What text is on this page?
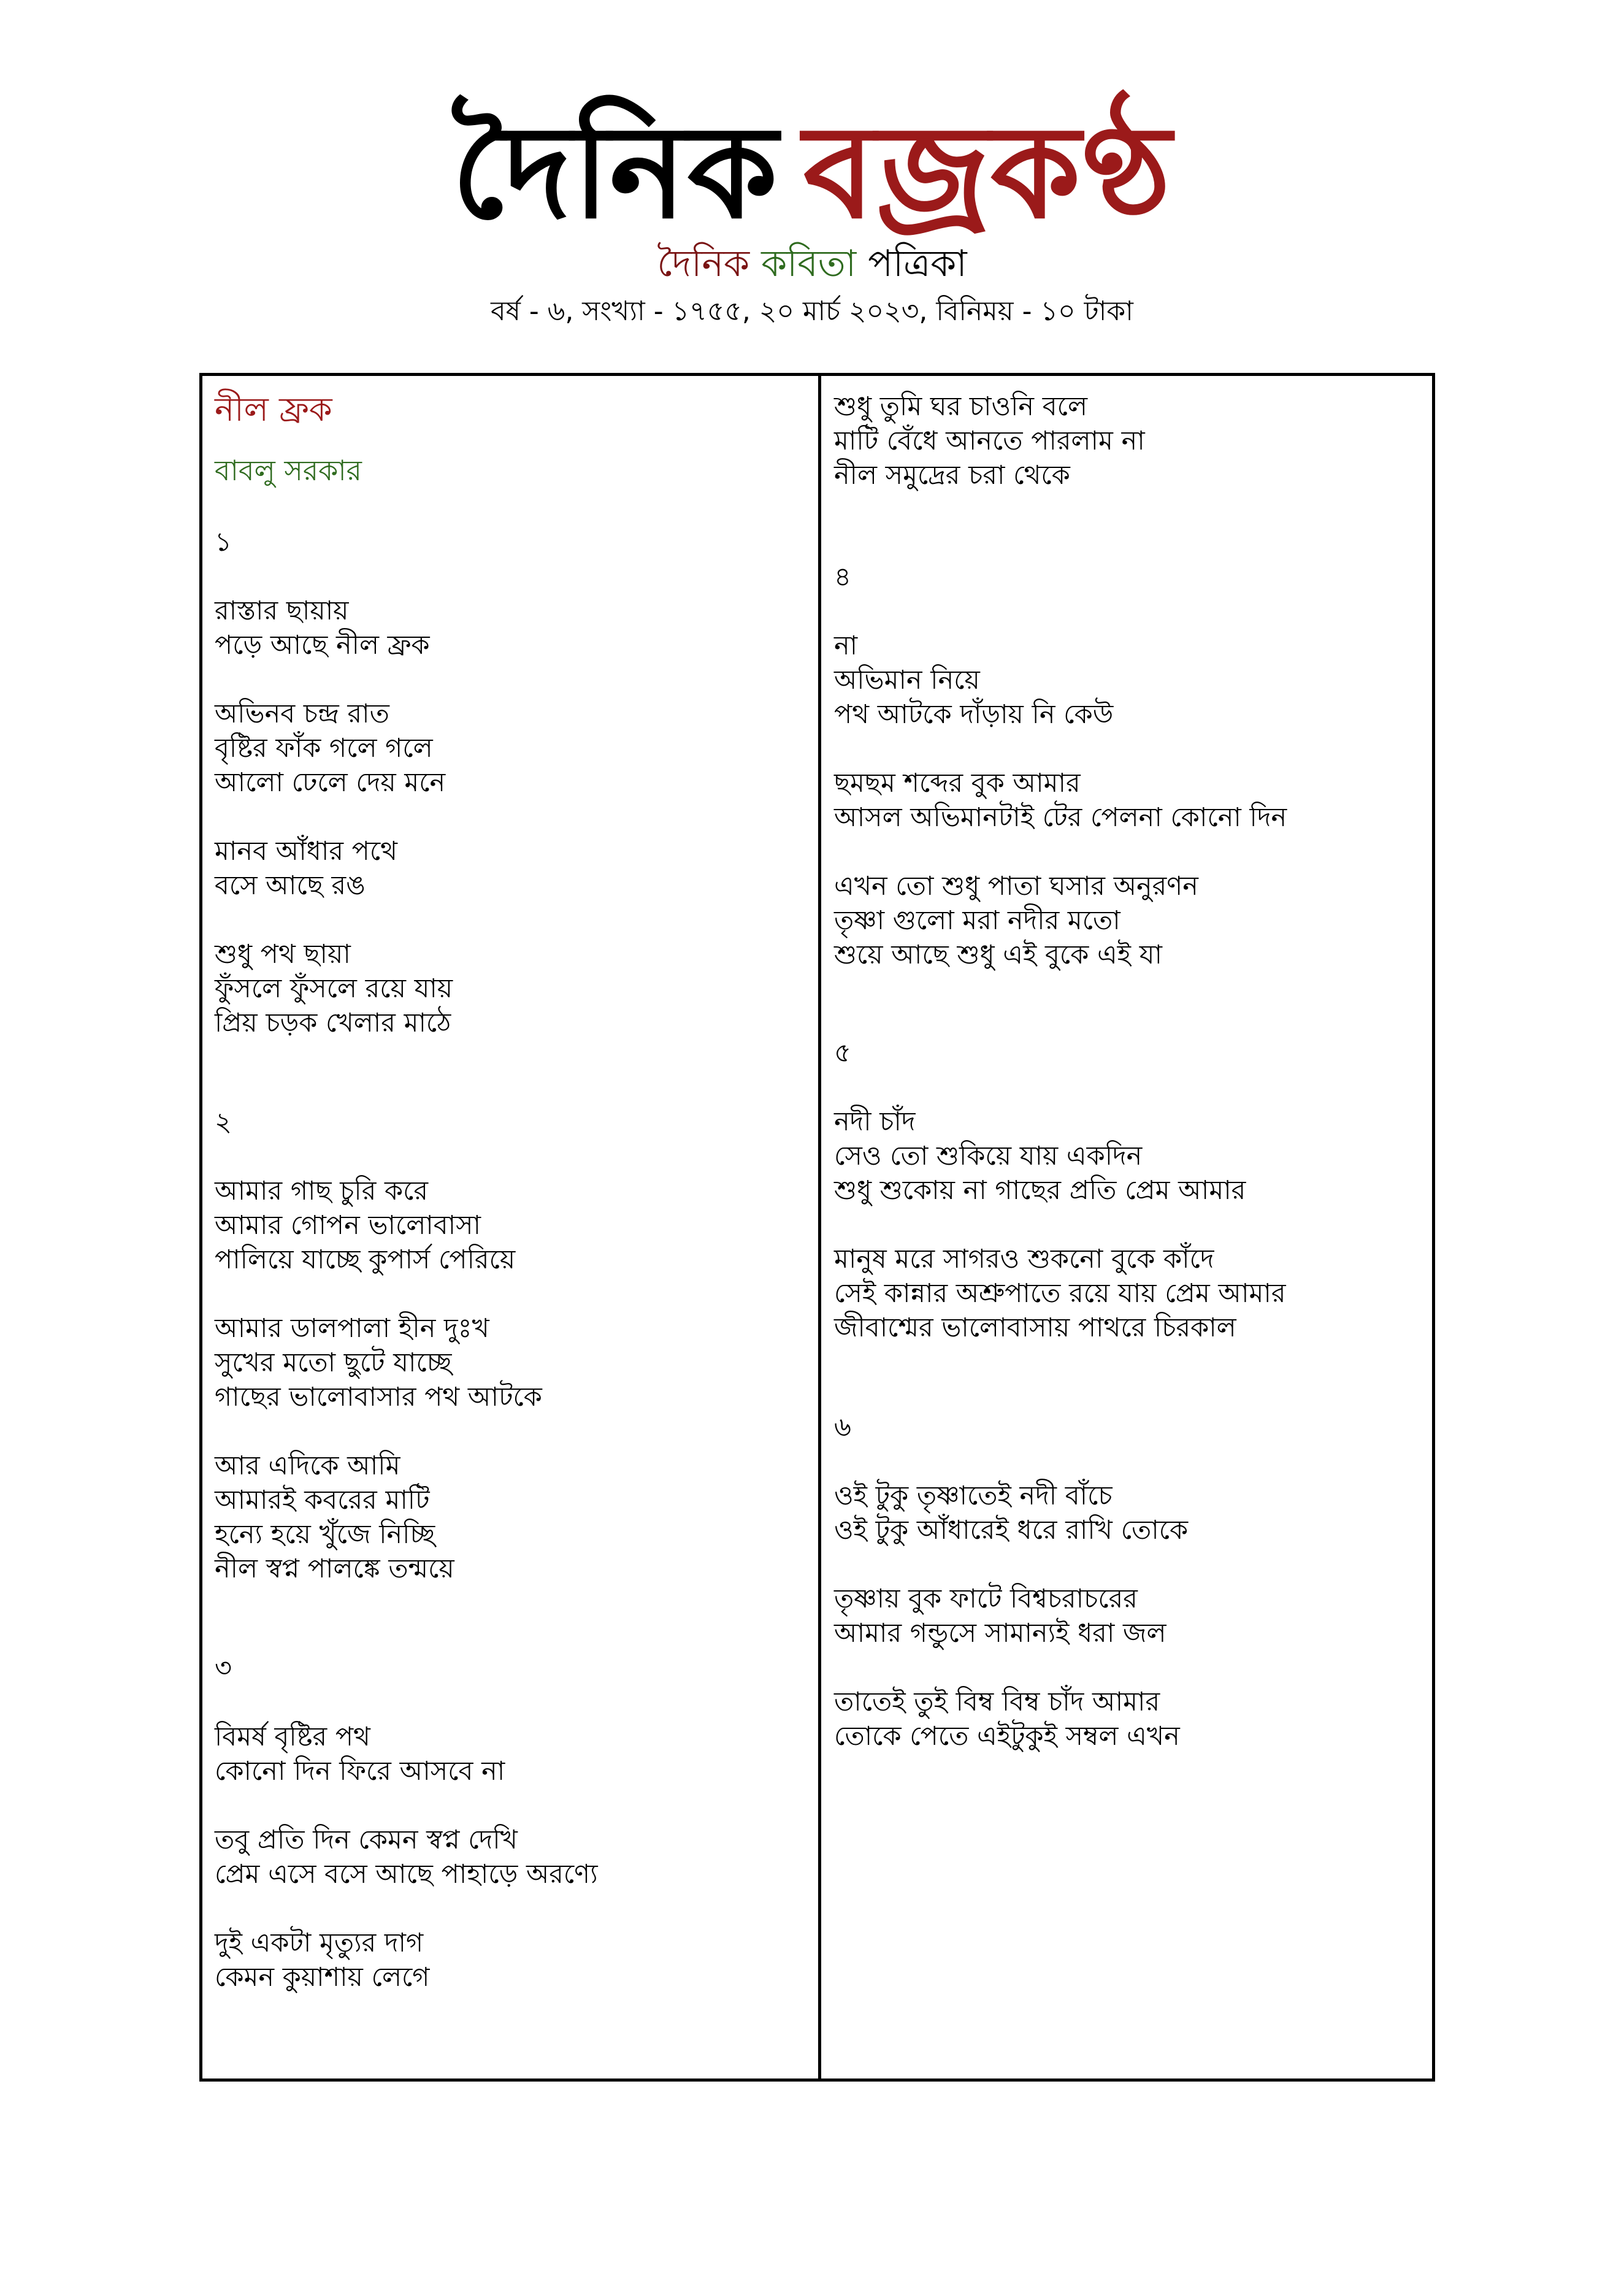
দৈনিক বজ্রকণ্ঠ
দৈনিক কবিতা পত্রিকা
বর্ষ - ৬, সংখ্যা - ১৭৫৫, ২০ মার্চ ২০২৩, বিনিময় - ১০ টাকা
নীল ফ্রক
বাবলু সরকার
১
রাস্তার ছায়ায়
পড়ে আছে নীল ফ্রক
অভিনব চন্দ্র রাত
বৃষ্টির ফাঁক গলে গলে
আলো ঢেলে দেয় মনে
মানব আঁধার পথে
বসে আছে রঙ
শুধু পথ ছায়া
ফুঁসলে ফুঁসলে রয়ে যায়
প্রিয় চড়ক খেলার মাঠে
২
আমার গাছ চুরি করে
আমার গোপন ভালোবাসা
পালিয়ে যাচ্ছে কুপার্স পেরিয়ে
আমার ডালপালা হীন দুঃখ
সুখের মতো ছুটে যাচ্ছে
গাছের ভালোবাসার পথ আটকে
আর এদিকে আমি
আমারই কবরের মাটি
হন্যে হয়ে খুঁজে নিচ্ছি
নীল স্বপ্ন পালঙ্কে তন্ময়ে
৩
বিমর্ষ বৃষ্টির পথ
কোনো দিন ফিরে আসবে না
তবু প্রতি দিন কেমন স্বপ্ন দেখি
প্রেম এসে বসে আছে পাহাড়ে অরণ্যে
দুই একটা মৃত্যুর দাগ
কেমন কুয়াশায় লেগে
শুধু তুমি ঘর চাওনি বলে
মাটি বেঁধে আনতে পারলাম না
নীল সমুদ্রের চরা থেকে
৪
না
অভিমান নিয়ে
পথ আটকে দাঁড়ায় নি কেউ
ছমছম শব্দের বুক আমার
আসল অভিমানটাই টের পেলনা কোনো দিন
এখন তো শুধু পাতা ঘসার অনুরণন
তৃষ্ণা গুলো মরা নদীর মতো
শুয়ে আছে শুধু এই বুকে এই যা
৫
নদী চাঁদ
সেও তো শুকিয়ে যায় একদিন
শুধু শুকোয় না গাছের প্রতি প্রেম আমার
মানুষ মরে সাগরও শুকনো বুকে কাঁদে
সেই কান্নার অশ্রুপাতে রয়ে যায় প্রেম আমার
জীবাশ্মের ভালোবাসায় পাথরে চিরকাল
৬
ওই টুকু তৃষ্ণাতেই নদী বাঁচে
ওই টুকু আঁধারেই ধরে রাখি তোকে
তৃষ্ণায় বুক ফাটে বিশ্বচরাচরের
আমার গন্ডুসে সামান্যই ধরা জল
তাতেই তুই বিম্ব বিম্ব চাঁদ আমার
তোকে পেতে এইটুকুই সম্বল এখন
